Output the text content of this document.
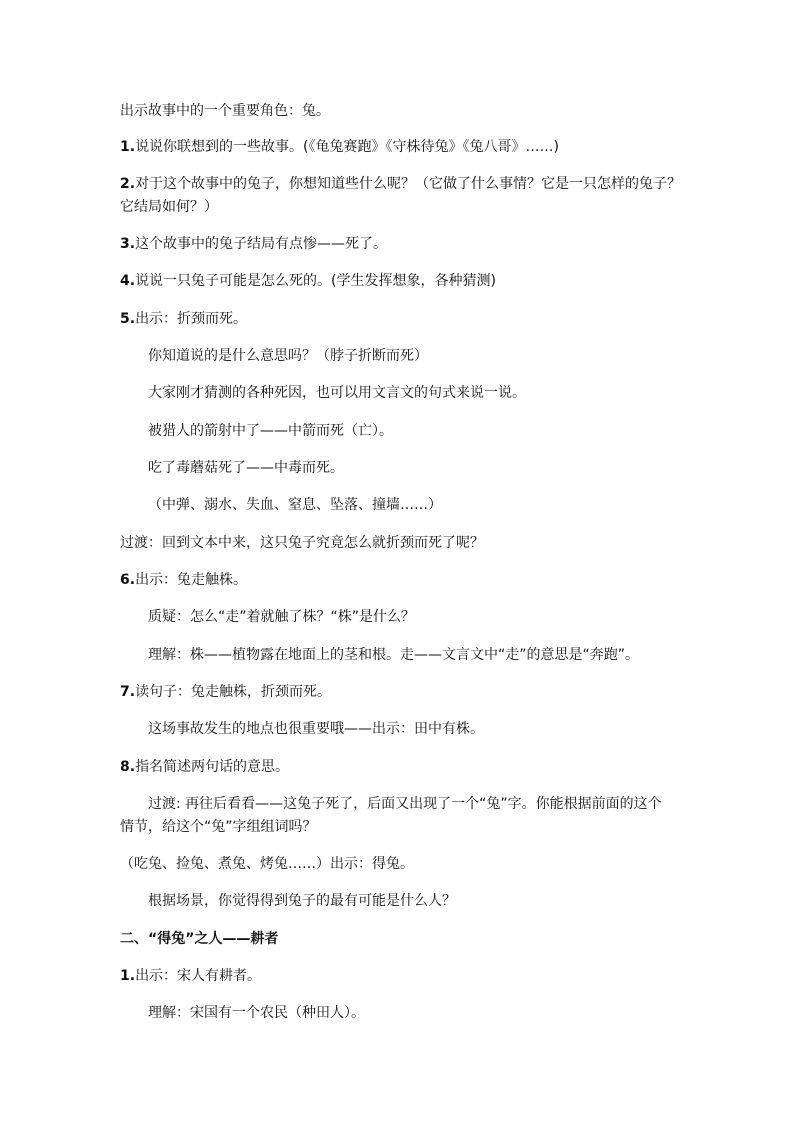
出示故事中的一个重要角色：兔。
1.说说你联想到的一些故事。(《龟兔赛跑》《守株待兔》《兔八哥》……)
2.对于这个故事中的兔子，你想知道些什么呢？（它做了什么事情？它是一只怎样的兔子？
它结局如何？）
3.这个故事中的兔子结局有点惨——死了。
4.说说一只兔子可能是怎么死的。(学生发挥想象，各种猜测)
5.出示：折颈而死。
你知道说的是什么意思吗？（脖子折断而死）
大家刚才猜测的各种死因，也可以用文言文的句式来说一说。
被猎人的箭射中了——中箭而死（亡）。
吃了毒蘑菇死了——中毒而死。
（中弹、溺水、失血、窒息、坠落、撞墙……）
过渡：回到文本中来，这只兔子究竟怎么就折颈而死了呢？
6.出示：兔走触株。
质疑：怎么“走”着就触了株？“株”是什么？
理解：株——植物露在地面上的茎和根。走——文言文中“走”的意思是“奔跑”。
7.读句子：兔走触株，折颈而死。
这场事故发生的地点也很重要哦——出示：田中有株。
8.指名简述两句话的意思。
过渡: 再往后看看——这兔子死了，后面又出现了一个“兔”字。你能根据前面的这个
情节，给这个“兔”字组组词吗？
（吃兔、捡兔、煮兔、烤兔……）出示：得兔。
根据场景，你觉得得到兔子的最有可能是什么人？
二、“得兔”之人——耕者
1.出示：宋人有耕者。
理解：宋国有一个农民（种田人）。
